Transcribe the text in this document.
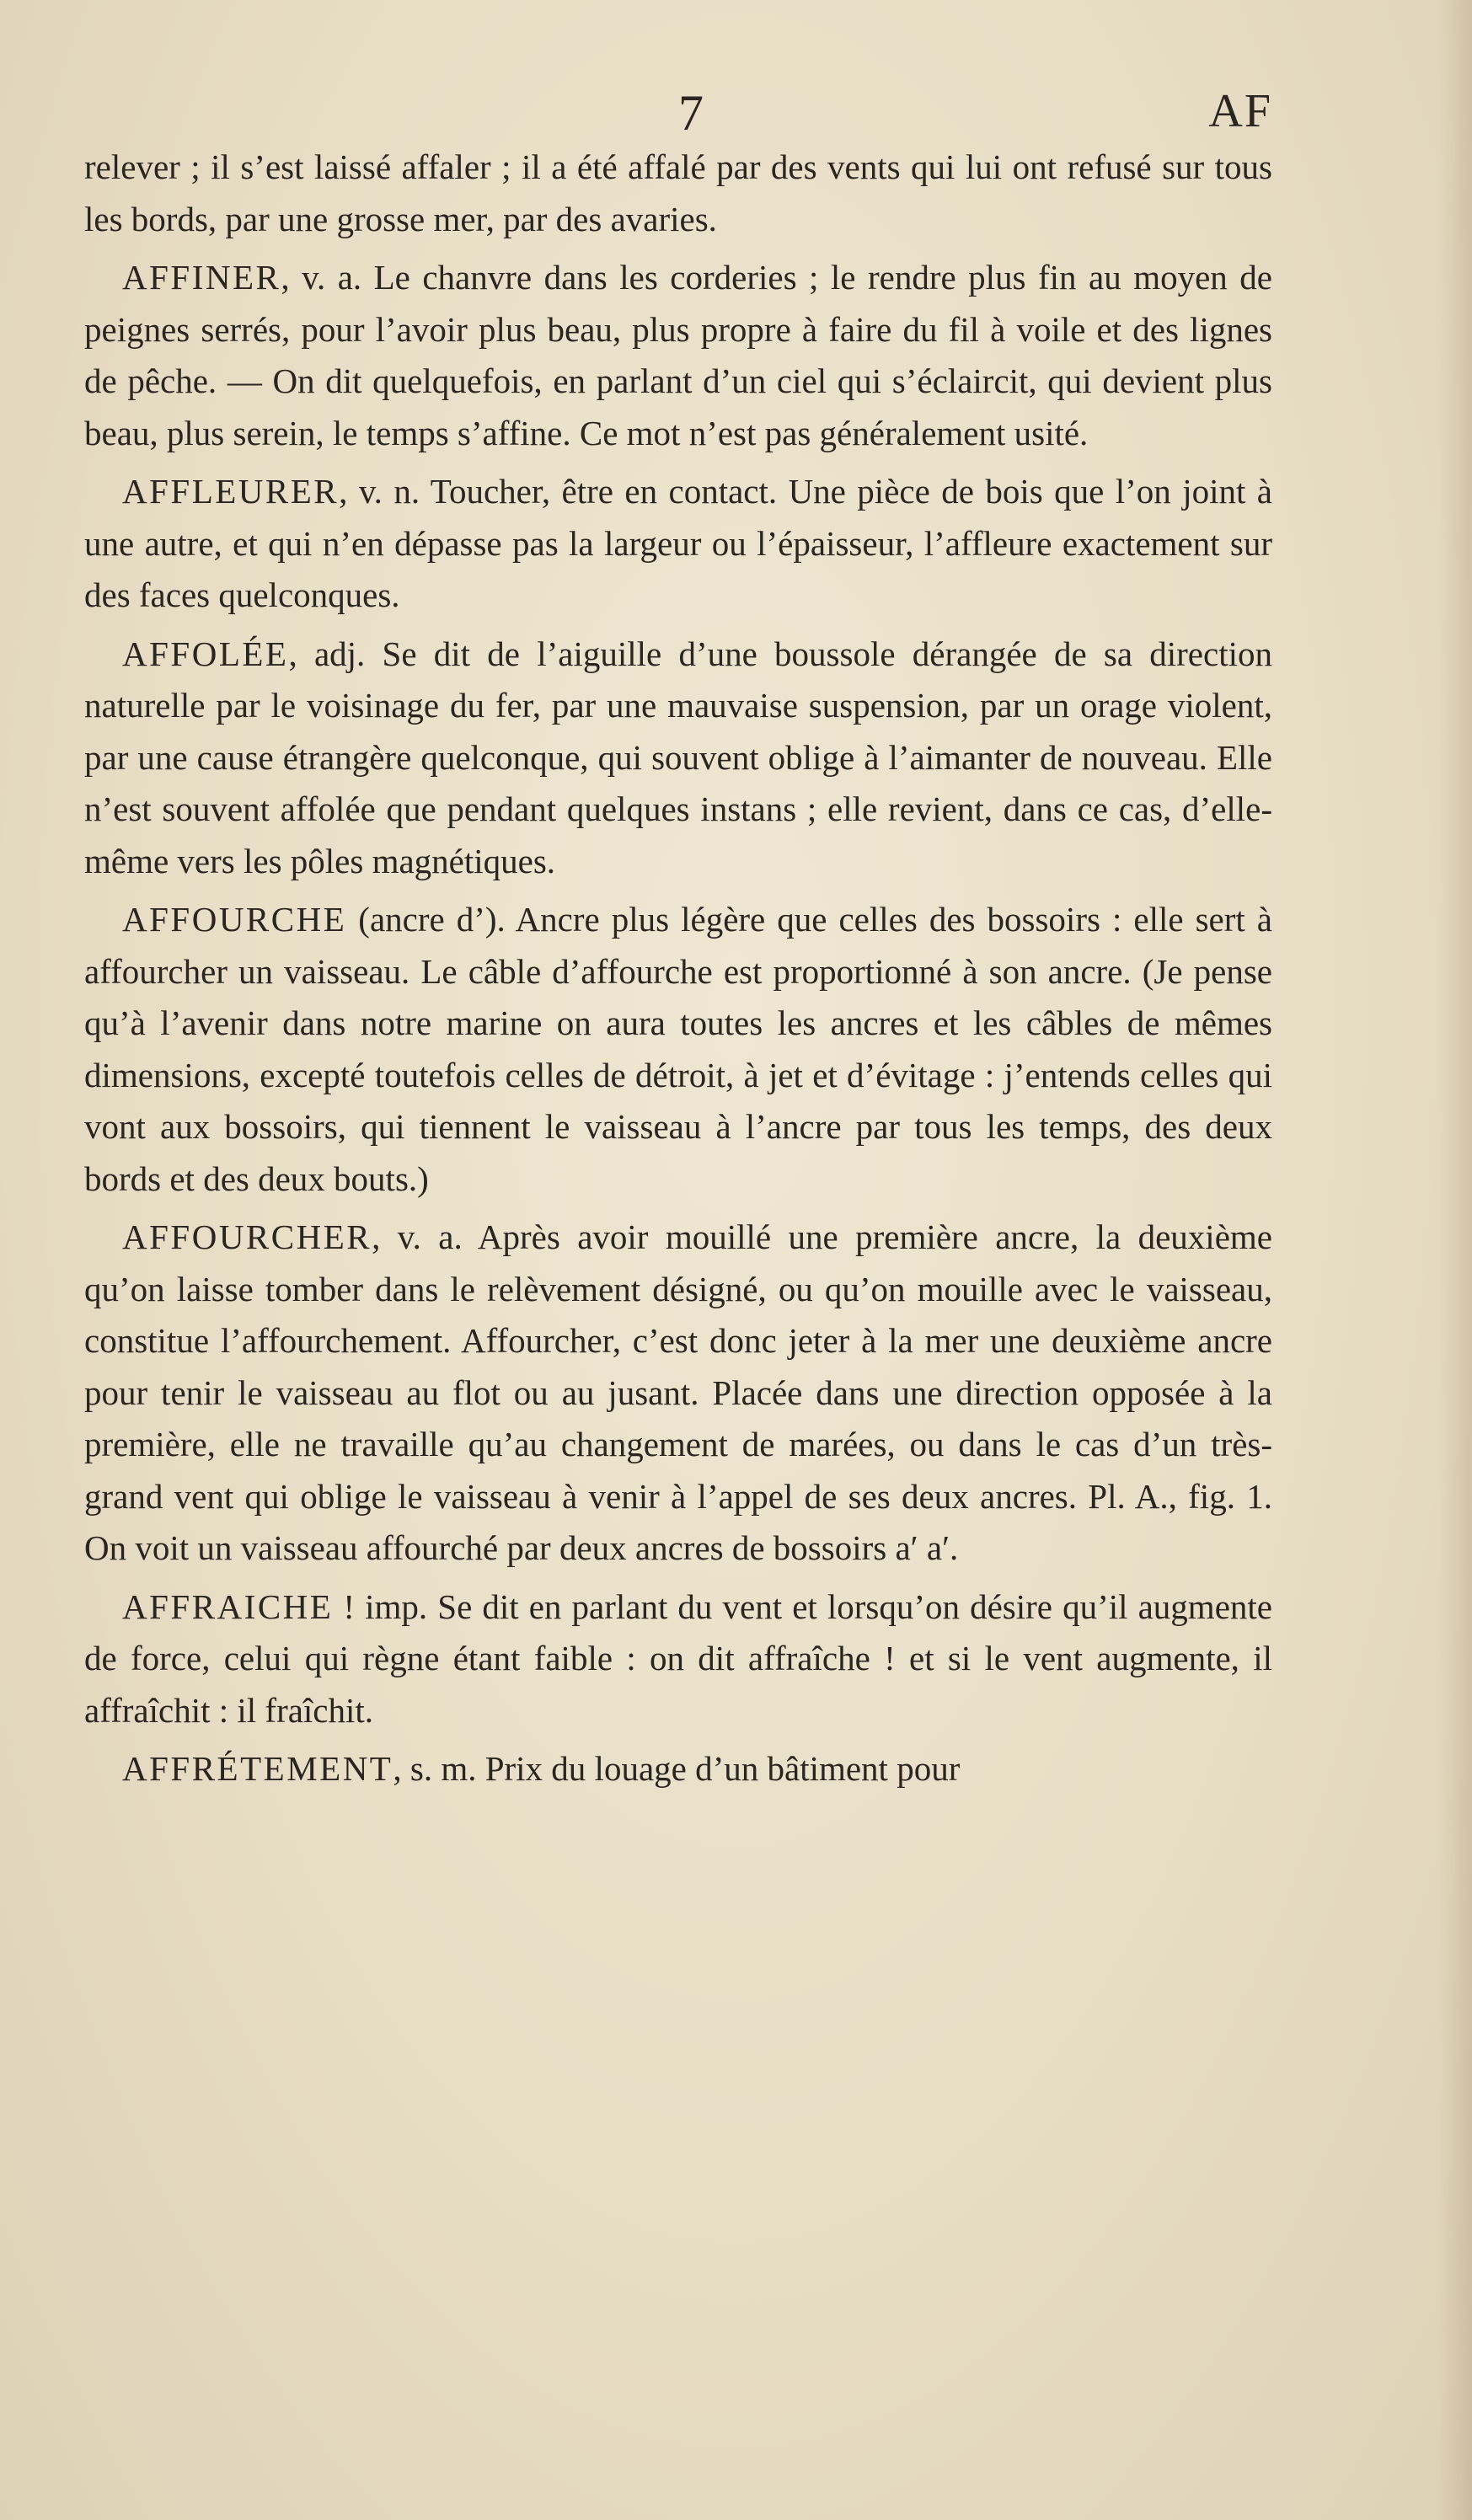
7	AF

relever ; il s’est laissé affaler ; il a été affalé par des vents qui lui ont refusé sur tous les bords, par une grosse mer, par des avaries.

AFFINER, v. a. Le chanvre dans les corderies ; le rendre plus fin au moyen de peignes serrés, pour l’avoir plus beau, plus propre à faire du fil à voile et des lignes de pêche. — On dit quelquefois, en parlant d’un ciel qui s’éclaircit, qui devient plus beau, plus serein, le temps s’affine. Ce mot n’est pas généralement usité.

AFFLEURER, v. n. Toucher, être en contact. Une pièce de bois que l’on joint à une autre, et qui n’en dépasse pas la largeur ou l’épaisseur, l’affleure exactement sur des faces quelconques.

AFFOLÉE, adj. Se dit de l’aiguille d’une boussole dérangée de sa direction naturelle par le voisinage du fer, par une mauvaise suspension, par un orage violent, par une cause étrangère quelconque, qui souvent oblige à l’aimanter de nouveau. Elle n’est souvent affolée que pendant quelques instans ; elle revient, dans ce cas, d’elle-même vers les pôles magnétiques.

AFFOURCHE (ancre d’). Ancre plus légère que celles des bossoirs : elle sert à affourcher un vaisseau. Le câble d’affourche est proportionné à son ancre. (Je pense qu’à l’avenir dans notre marine on aura toutes les ancres et les câbles de mêmes dimensions, excepté toutefois celles de détroit, à jet et d’évitage : j’entends celles qui vont aux bossoirs, qui tiennent le vaisseau à l’ancre par tous les temps, des deux bords et des deux bouts.)

AFFOURCHER, v. a. Après avoir mouillé une première ancre, la deuxième qu’on laisse tomber dans le relèvement désigné, ou qu’on mouille avec le vaisseau, constitue l’affourchement. Affourcher, c’est donc jeter à la mer une deuxième ancre pour tenir le vaisseau au flot ou au jusant. Placée dans une direction opposée à la première, elle ne travaille qu’au changement de marées, ou dans le cas d’un très-grand vent qui oblige le vaisseau à venir à l’appel de ses deux ancres. Pl. A., fig. 1. On voit un vaisseau affourché par deux ancres de bossoirs a′ a′.

AFFRAICHE ! imp. Se dit en parlant du vent et lorsqu’on désire qu’il augmente de force, celui qui règne étant faible : on dit affraîche ! et si le vent augmente, il affraîchit : il fraîchit.

AFFRÉTEMENT, s. m. Prix du louage d’un bâtiment pour
